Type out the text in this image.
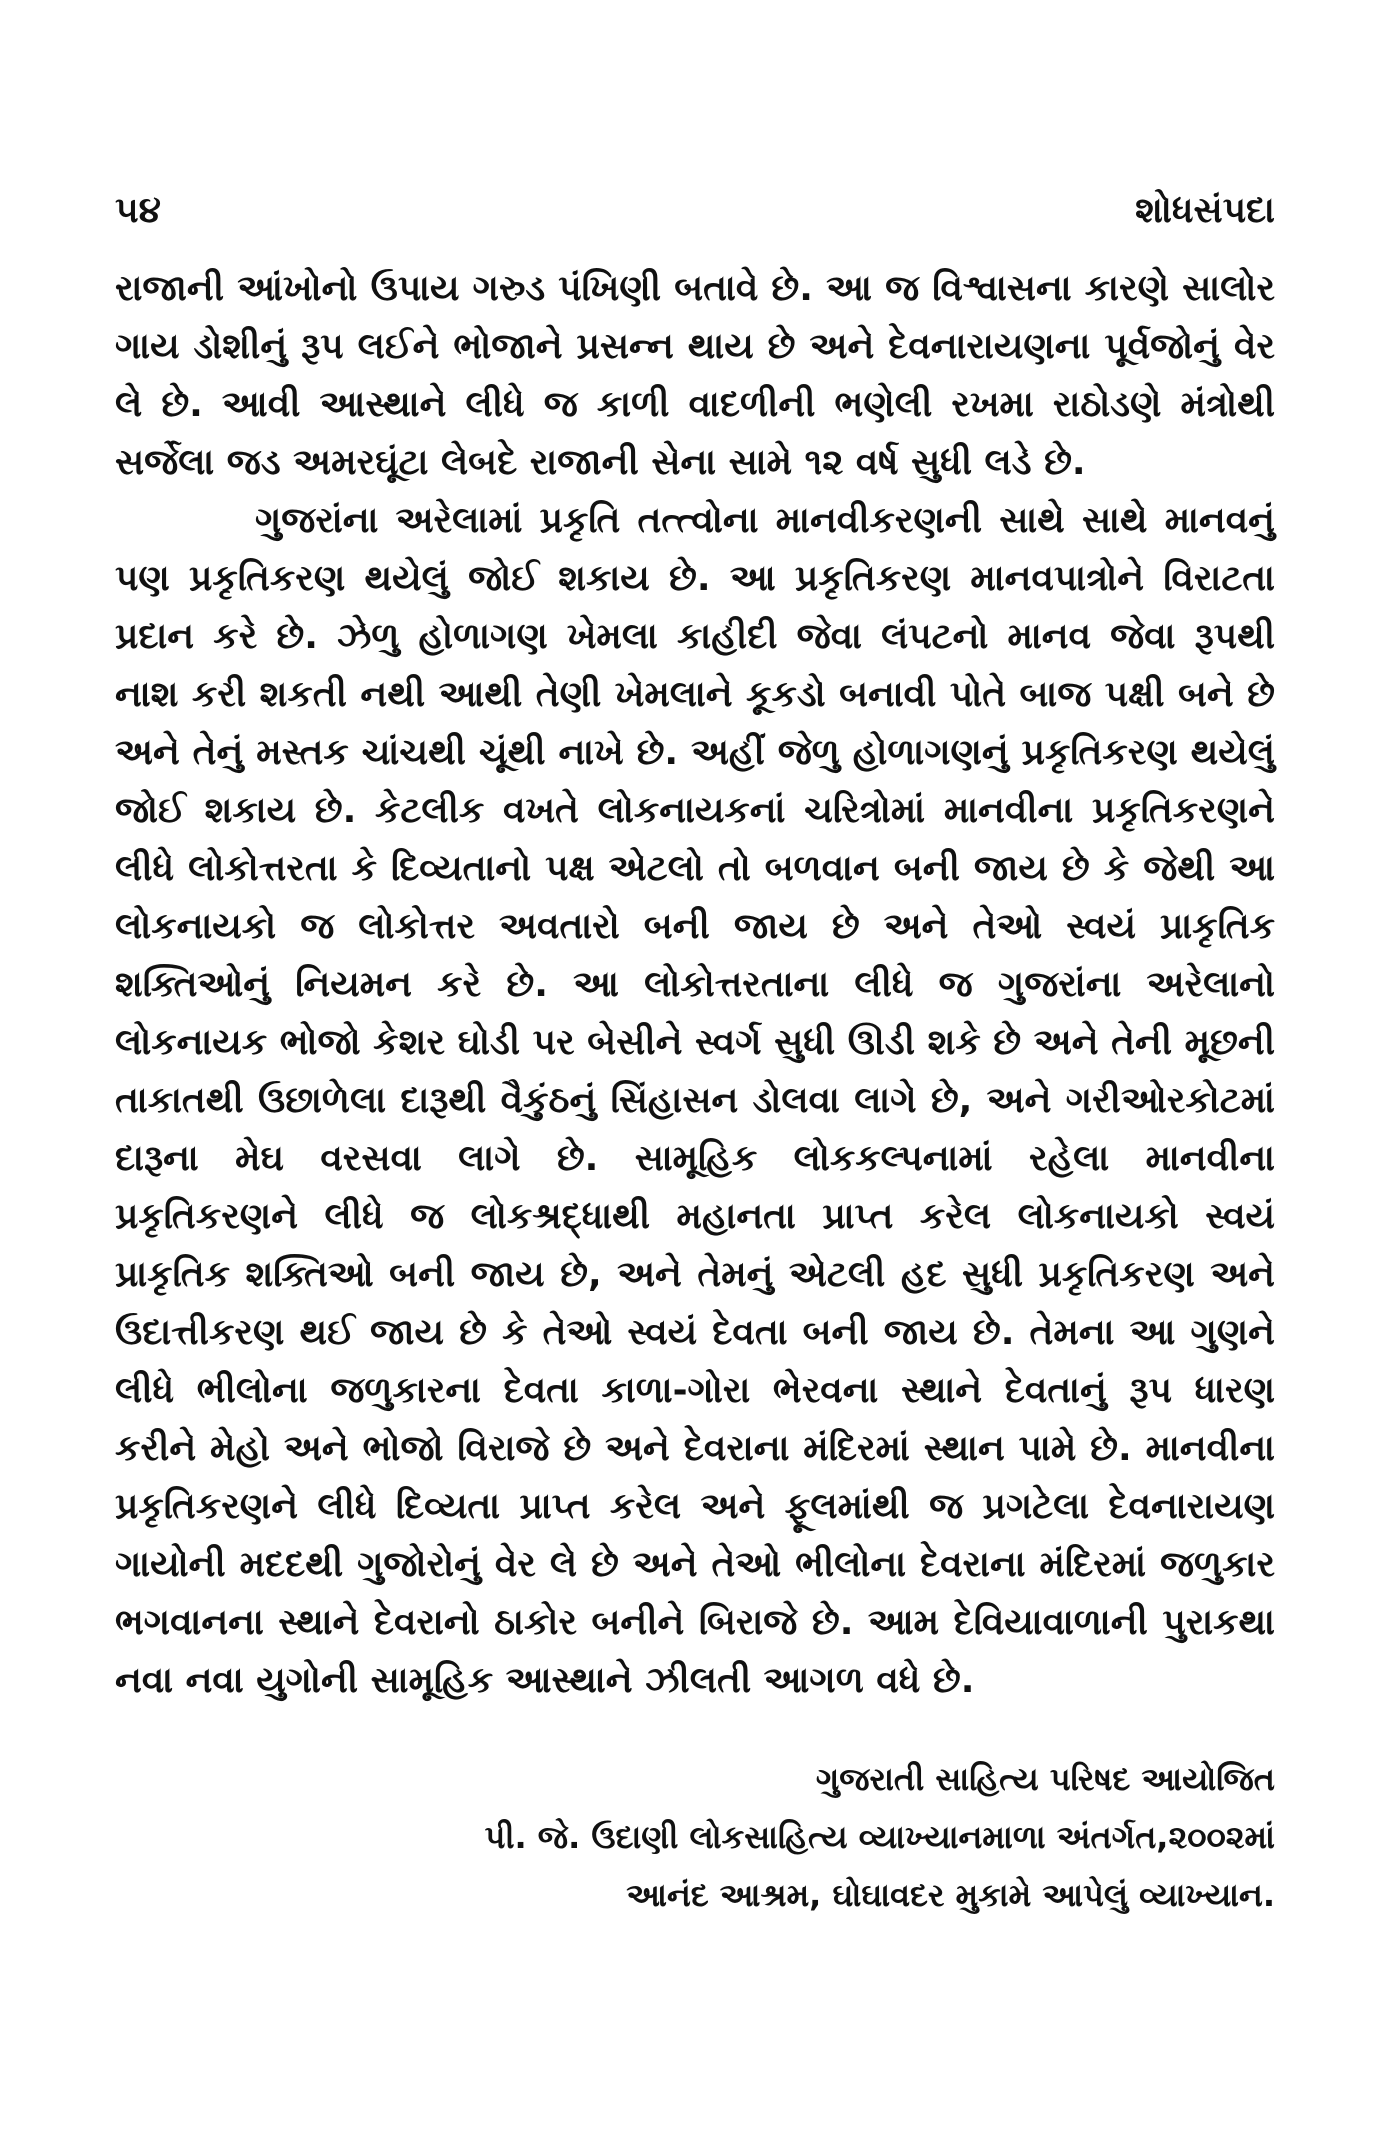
૫૪	શોધસંપદા

રાજાની આંખોનો ઉપાય ગરુડ પંખિણી બતાવે છે. આ જ વિશ્વાસના કારણે સાલોર ગાય ડોશીનું રૂપ લઈને ભોજાને પ્રસન્ન થાય છે અને દેવનારાયણના પૂર્વજોનું વેર લે છે. આવી આસ્થાને લીધે જ કાળી વાદળીની ભણેલી રખમા રાઠોડણે મંત્રોથી સર્જેલા જડ અમરઘૂંટા લેબદે રાજાની સેના સામે ૧૨ વર્ષ સુધી લડે છે.

ગુજરાંના અરેલામાં પ્રકૃતિ તત્ત્વોના માનવીકરણની સાથે સાથે માનવનું પણ પ્રકૃતિકરણ થયેલું જોઈ શકાય છે. આ પ્રકૃતિકરણ માનવપાત્રોને વિરાટતા પ્રદાન કરે છે. ઝેળુ હોળાગણ ખેમલા કાહીદી જેવા લંપટનો માનવ જેવા રૂપથી નાશ કરી શકતી નથી આથી તેણી ખેમલાને કૂકડો બનાવી પોતે બાજ પક્ષી બને છે અને તેનું મસ્તક ચાંચથી ચૂંથી નાખે છે. અહીં જેળુ હોળાગણનું પ્રકૃતિકરણ થયેલું જોઈ શકાય છે. કેટલીક વખતે લોકનાયકનાં ચરિત્રોમાં માનવીના પ્રકૃતિકરણને લીધે લોકોત્તરતા કે દિવ્યતાનો પક્ષ એટલો તો બળવાન બની જાય છે કે જેથી આ લોકનાયકો જ લોકોત્તર અવતારો બની જાય છે અને તેઓ સ્વયં પ્રાકૃતિક શક્તિઓનું નિયમન કરે છે. આ લોકોત્તરતાના લીધે જ ગુજરાંના અરેલાનો લોકનાયક ભોજો કેશર ઘોડી પર બેસીને સ્વર્ગ સુધી ઊડી શકે છે અને તેની મૂછની તાકાતથી ઉછાળેલા દારૂથી વૈકુંઠનું સિંહાસન ડોલવા લાગે છે, અને ગરીઓરકોટમાં દારૂના મેઘ વરસવા લાગે છે. સામૂહિક લોકકલ્પનામાં રહેલા માનવીના પ્રકૃતિકરણને લીધે જ લોકશ્રદ્ધાથી મહાનતા પ્રાપ્ત કરેલ લોકનાયકો સ્વયં પ્રાકૃતિક શક્તિઓ બની જાય છે, અને તેમનું એટલી હદ સુધી પ્રકૃતિકરણ અને ઉદાત્તીકરણ થઈ જાય છે કે તેઓ સ્વયં દેવતા બની જાય છે. તેમના આ ગુણને લીધે ભીલોના જળુકારના દેવતા કાળા-ગોરા ભેરવના સ્થાને દેવતાનું રૂપ ધારણ કરીને મેહો અને ભોજો વિરાજે છે અને દેવરાના મંદિરમાં સ્થાન પામે છે. માનવીના પ્રકૃતિકરણને લીધે દિવ્યતા પ્રાપ્ત કરેલ અને ફૂલમાંથી જ પ્રગટેલા દેવનારાયણ ગાયોની મદદથી ગુજોરોનું વેર લે છે અને તેઓ ભીલોના દેવરાના મંદિરમાં જળુકાર ભગવાનના સ્થાને દેવરાનો ઠાકોર બનીને બિરાજે છે. આમ દેવિયાવાળાની પુરાકથા નવા નવા યુગોની સામૂહિક આસ્થાને ઝીલતી આગળ વધે છે.

ગુજરાતી સાહિત્ય પરિષદ આયોજિત
પી. જે. ઉદાણી લોકસાહિત્ય વ્યાખ્યાનમાળા અંતર્ગત,૨૦૦૨માં
આનંદ આશ્રમ, ઘોઘાવદર મુકામે આપેલું વ્યાખ્યાન.
